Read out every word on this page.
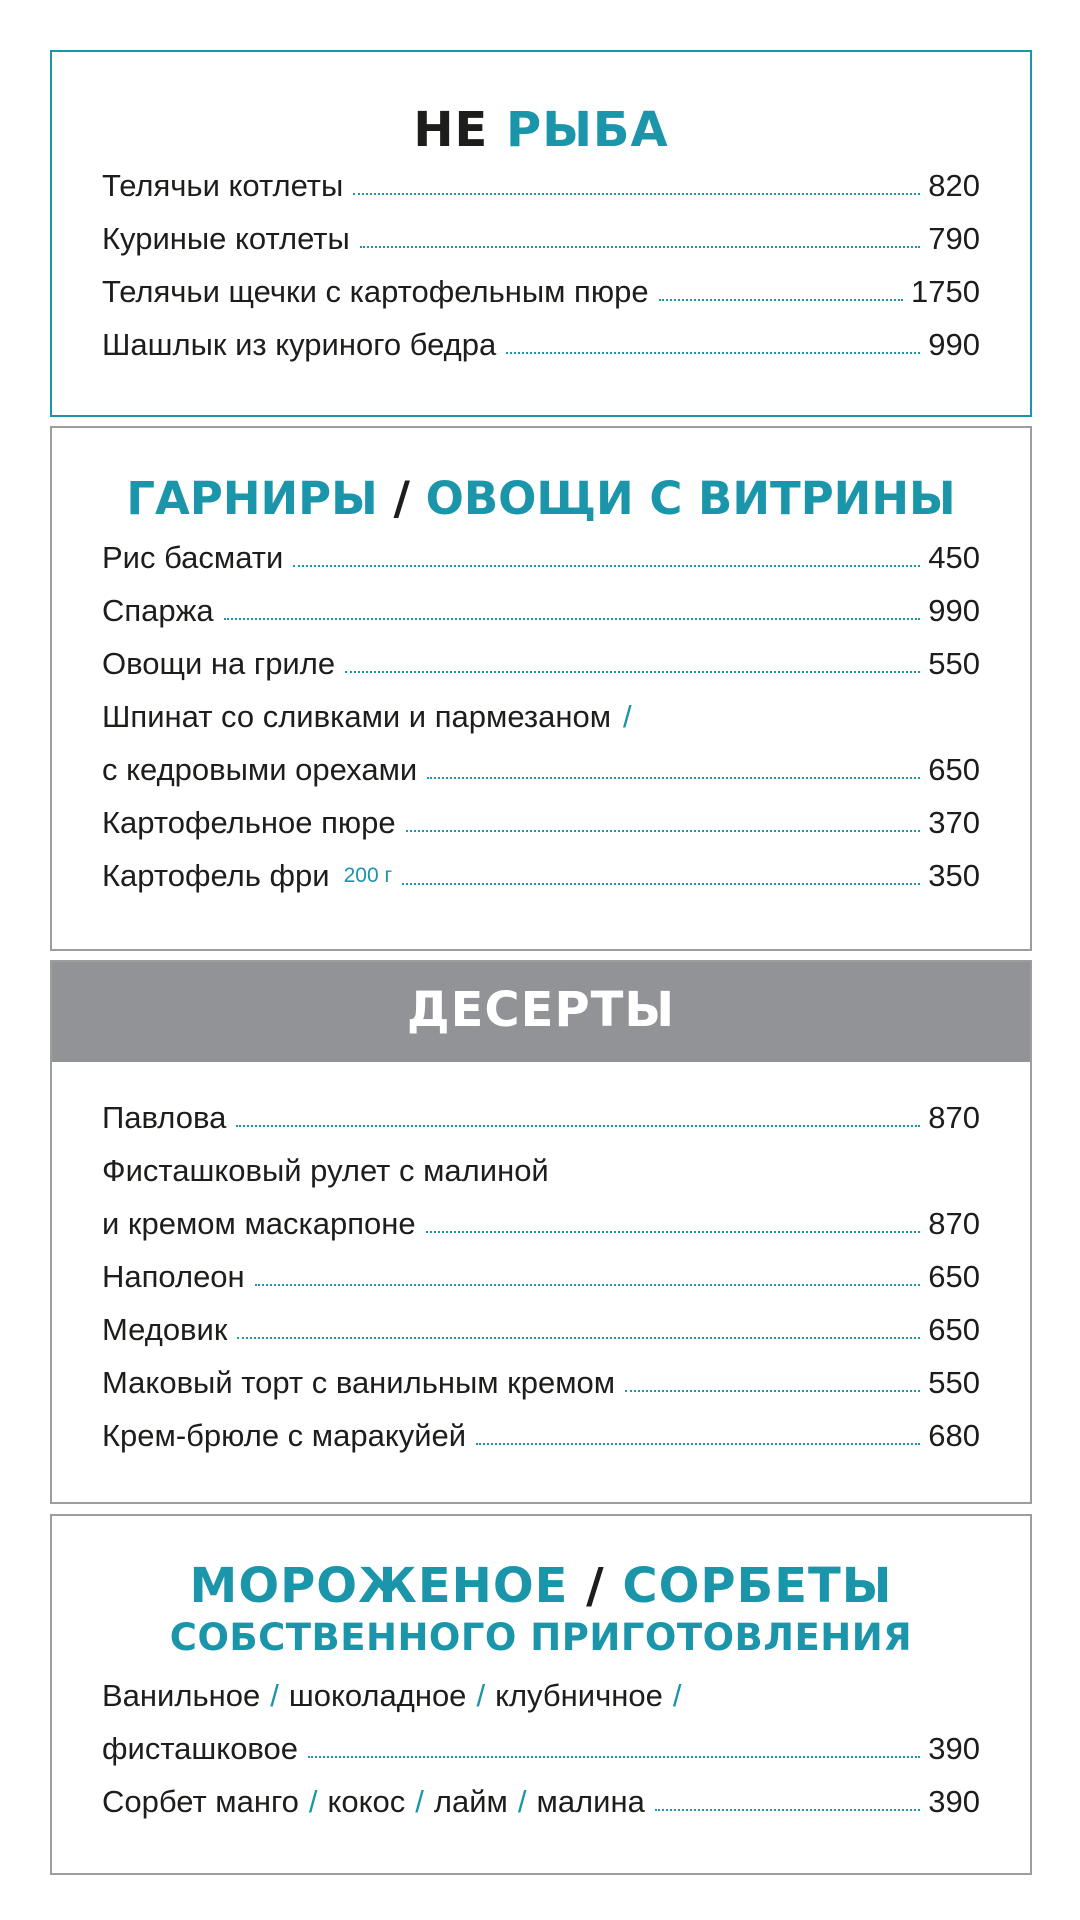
НЕ РЫБА
Телячьи котлеты	820
Куриные котлеты	790
Телячьи щечки с картофельным пюре	1750
Шашлык из куриного бедра	990
ГАРНИРЫ / ОВОЩИ С ВИТРИНЫ
Рис басмати	450
Спаржа	990
Овощи на гриле	550
Шпинат со сливками и пармезаном /
с кедровыми орехами	650
Картофельное пюре	370
Картофель фри 200 г	350
ДЕСЕРТЫ
Павлова	870
Фисташковый рулет с малиной
и кремом маскарпоне	870
Наполеон	650
Медовик	650
Маковый торт с ванильным кремом	550
Крем-брюле с маракуйей	680
МОРОЖЕНОЕ / СОРБЕТЫ
СОБСТВЕННОГО ПРИГОТОВЛЕНИЯ
Ванильное / шоколадное / клубничное /
фисташковое	390
Сорбет манго / кокос / лайм / малина	390
